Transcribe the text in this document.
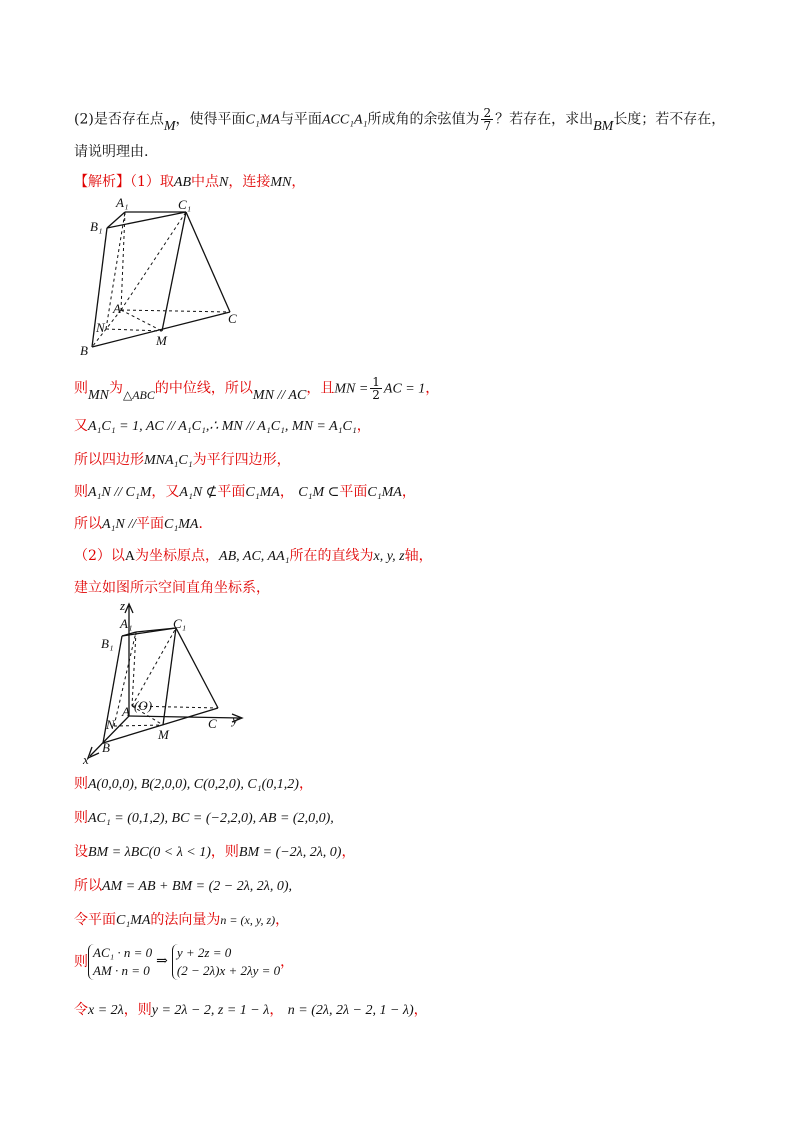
(2)是否存在点M，使得平面C₁MA与平面ACC₁A₁所成角的余弦值为 $\frac{2}{7}$ ？若存在，求出BM长度；若不存在，
请说明理由.
【解析】（1）取AB中点N，连接MN，
A₁	C₁
B₁
A
C
N
M
B
则MN为△ABC的中位线，所以MN // AC，且MN = $\frac{1}{2}$ AC = 1，
又A₁C₁ = 1, AC // A₁C₁,∴ MN // A₁C₁, MN = A₁C₁，
所以四边形MNA₁C₁为平行四边形，
则A₁N // C₁M，又A₁N ⊄平面C₁MA， C₁M ⊂平面C₁MA，
所以A₁N //平面C₁MA．
（2）以A为坐标原点，AB, AC, AA₁所在的直线为x, y, z轴，
建立如图所示空间直角坐标系，
z
A₁	C₁
B₁
A (O)
N	C y
M
B
x
则A(0,0,0), B(2,0,0), C(0,2,0), C₁(0,1,2)，
则AC₁ = (0,1,2), BC = (−2,2,0), AB = (2,0,0),
设BM = λBC(0 < λ < 1)，则BM = (−2λ, 2λ, 0)，
所以AM = AB + BM = (2 − 2λ, 2λ, 0),
令平面C₁MA的法向量为n = (x, y, z)，
则
AC₁ · n = 0
AM · n = 0
⇒
y + 2z = 0
(2 − 2λ)x + 2λy = 0
，
令x = 2λ，则y = 2λ − 2, z = 1 − λ， n = (2λ, 2λ − 2, 1 − λ)，
